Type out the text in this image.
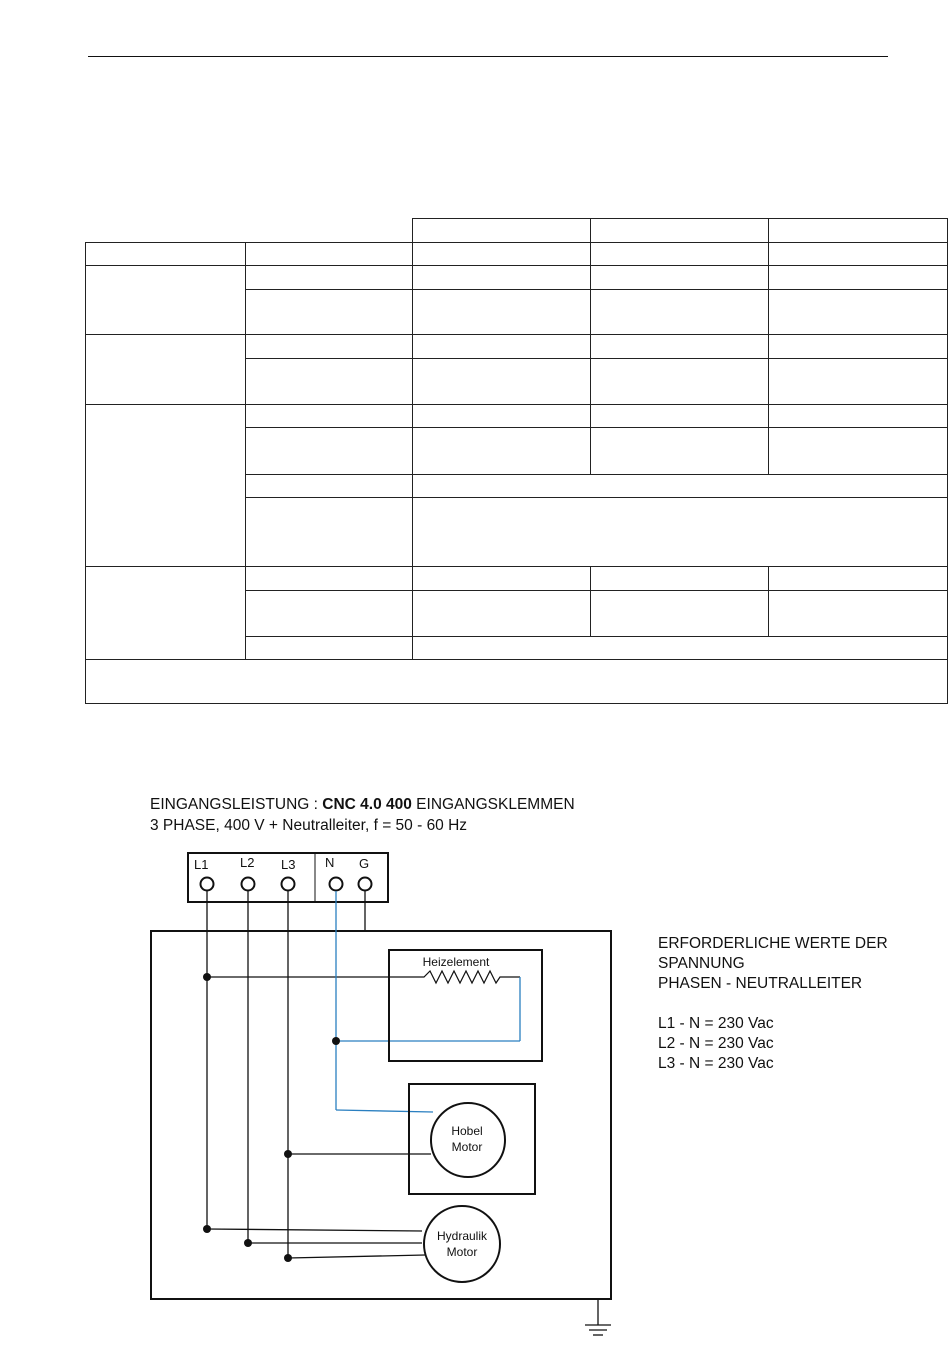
EINGANGSLEISTUNG : CNC 4.0 400 EINGANGSKLEMMEN
3 PHASE, 400 V + Neutralleiter, f = 50 - 60 Hz
L1 L2 L3 N G
Heizelement
Hobel
Motor
Hydraulik
Motor
ERFORDERLICHE WERTE DER
SPANNUNG
PHASEN - NEUTRALLEITER
L1 - N = 230 Vac
L2 - N = 230 Vac
L3 - N = 230 Vac
